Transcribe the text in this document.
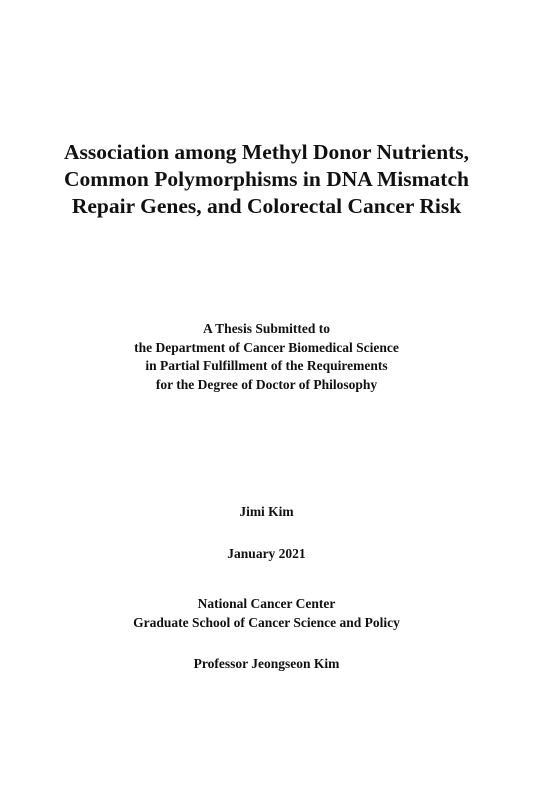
Association among Methyl Donor Nutrients,
Common Polymorphisms in DNA Mismatch
Repair Genes, and Colorectal Cancer Risk
A Thesis Submitted to
the Department of Cancer Biomedical Science
in Partial Fulfillment of the Requirements
for the Degree of Doctor of Philosophy
Jimi Kim
January 2021
National Cancer Center
Graduate School of Cancer Science and Policy
Professor Jeongseon Kim
